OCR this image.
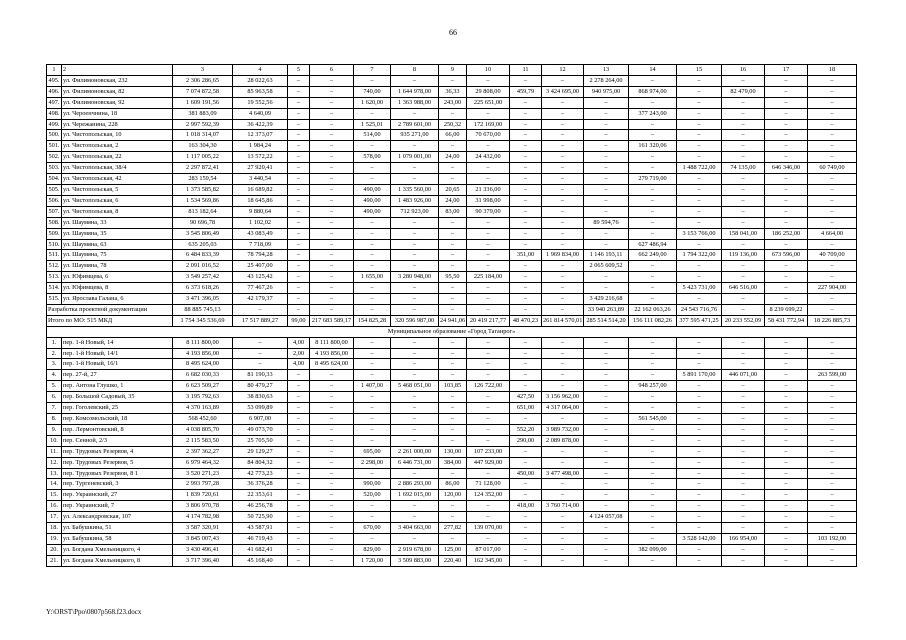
66
1	2	3	4	5	6	7	8	9	10	11	12	13	14	15	16	17	18
495.	ул. Филимоновская, 232	2 306 286,65	28 022,63	–	–	–	–	–	–	–	–	2 278 264,00	–	–	–	–	–
496.	ул. Филимоновская, 82	7 074 872,58	85 963,58	–	–	740,00	1 644 978,00	36,33	29 808,00	459,79	3 424 695,00	940 975,00	868 974,00	–	82 479,00	–	–
497.	ул. Филимоновская, 92	1 609 191,56	19 552,56	–	–	1 620,00	1 363 988,00	243,00	225 651,00	–	–	–	–	–	–	–	–
498.	ул. Чероенчнина, 18	381 883,09	4 640,09	–	–	–	–	–	–	–	–	–	377 243,00	–	–	–	–
499.	ул. Чережанина, 228	2 997 592,39	36 422,39	–	–	1 525,01	2 789 601,00	250,32	172 169,00	–	–	–	–	–	–	–	–
500.	ул. Чистопольская, 10	1 018 314,07	12 373,07	–	–	514,00	935 271,00	66,00	70 670,00	–	–	–	–	–	–	–	–
501.	ул. Чистопольская, 2	163 304,30	1 984,24	–	–	–	–	–	–	–	–	–	161 320,06	–	–	–	–
502.	ул. Чистопольская, 22	1 117 005,22	13 572,22	–	–	578,00	1 079 001,00	24,00	24 432,00	–	–	–	–	–	–	–	–
503.	ул. Чистопольская, 38/4	2 297 872,41	27 920,41	–	–	–	–	–	–	–	–	–	–	1 488 722,00	74 135,00	646 346,00	60 749,00
504.	ул. Чистопольская, 42	283 159,54	3 440,54	–	–	–	–	–	–	–	–	–	279 719,00	–	–	–	–
505.	ул. Чистопольская, 5	1 373 585,82	16 689,82	–	–	490,00	1 335 560,00	20,65	21 336,00	–	–	–	–	–	–	–	–
506.	ул. Чистопольская, 6	1 534 569,86	18 645,86	–	–	490,00	1 483 926,00	24,00	31 998,00	–	–	–	–	–	–	–	–
507.	ул. Чистопольская, 8	813 182,64	9 880,64	–	–	490,00	712 923,00	83,00	90 379,00	–	–	–	–	–	–	–	–
508.	ул. Шаумяна, 33	90 696,78	1 102,02	–	–	–	–	–	–	–	–	89 594,76	–	–	–	–	–
509.	ул. Шаумяна, 35	3 545 806,49	43 083,49	–	–	–	–	–	–	–	–	–	–	3 153 766,00	158 041,00	186 252,00	4 664,00
510.	ул. Шаумяна, 63	635 205,03	7 718,09	–	–	–	–	–	–	–	–	–	627 486,94	–	–	–	–
511.	ул. Шаумяна, 75	6 484 833,39	78 794,28	–	–	–	–	–	–	351,00	1 969 834,00	1 146 193,11	662 249,00	1 794 322,00	119 136,00	673 596,00	40 709,00
512.	ул. Шаумяна, 78	2 091 016,52	25 407,00	–	–	–	–	–	–	–	–	2 065 609,52	–	–	–	–	–
513.	ул. Юфимцева, 6	3 549 257,42	43 125,42	–	–	1 655,00	3 280 948,00	95,50	225 184,00	–	–	–	–	–	–	–	–
514.	ул. Юфимцева, 8	6 373 618,26	77 467,26	–	–	–	–	–	–	–	–	–	–	5 423 731,00	646 516,00	–	227 904,00
515.	ул. Ярослава Галана, 6	3 471 396,05	42 179,37	–	–	–	–	–	–	–	–	3 429 216,68	–	–	–	–	–
Разработка проектной документации		88 885 745,13	–	–	–	–	–	–	–	–	–	33 940 263,89	22 162 063,26	24 543 716,76	–	8 239 699,22	–
Итого по МО: 515 МКД		1 754 345 536,69	17 517 889,27	99,00	217 683 589,17	154 825,28	320 596 987,00	24 941,06	20 419 217,77	48 470,23	261 814 570,01	285 514 514,20	156 111 082,26	377 595 471,25	20 233 552,09	58 431 772,94	18 226 885,73
Муниципальное образование «Город Таганрог»																	
1.	пер. 1-й Новый, 14	8 111 800,00	–	4,00	8 111 800,00	–	–	–	–	–	–	–	–	–	–	–	–
2.	пер. 1-й Новый, 14/1	4 193 856,00	–	2,00	4 193 856,00	–	–	–	–	–	–	–	–	–	–	–	–
3.	пер. 1-й Новый, 16/1	8 495 624,00	–	4,00	8 495 624,00	–	–	–	–	–	–	–	–	–	–	–	–
4.	пер. 27-й, 27	6 682 030,33	81 190,33	–	–	–	–	–	–	–	–	–	–	5 891 170,00	446 071,00	–	263 599,00
5.	пер. Антона Глушко, 1	6 623 509,27	80 479,27	–	–	1 407,00	5 468 051,00	103,85	126 722,00	–	–	–	948 257,00	–	–	–	–
6.	пер. Большой Садовый, 35	3 195 792,63	38 830,63	–	–	–	–	–	–	427,50	3 156 962,00	–	–	–	–	–	–
7.	пер. Гоголевский, 25	4 370 163,89	53 099,89	–	–	–	–	–	–	651,00	4 317 064,00	–	–	–	–	–	–
8.	пер. Комсомольский, 18	568 452,60	6 907,00	–	–	–	–	–	–	–	–	–	561 545,00	–	–	–	–
9.	пер. Лермонтовский, 8	4 038 805,70	49 073,70	–	–	–	–	–	–	552,20	3 989 732,00	–	–	–	–	–	–
10.	пер. Сенной, 2/3	2 115 583,50	25 705,50	–	–	–	–	–	–	290,00	2 089 878,00	–	–	–	–	–	–
11.	пер. Трудовых Резервов, 4	2 397 362,27	29 129,27	–	–	695,00	2 261 000,00	130,00	107 233,00	–	–	–	–	–	–	–	–
12.	пер. Трудовых Резервов, 5	6 979 464,32	84 804,32	–	–	2 298,00	6 446 731,00	384,00	447 929,00	–	–	–	–	–	–	–	–
13.	пер. Трудовых Резервов, 8 1	3 520 271,23	42 773,23	–	–	–	–	–	–	450,00	3 477 498,00	–	–	–	–	–	–
14.	пер. Тургеневский, 3	2 993 797,28	36 376,28	–	–	990,00	2 886 293,00	86,00	71 128,00	–	–	–	–	–	–	–	–
15.	пер. Украинский, 27	1 839 720,61	22 353,61	–	–	520,00	1 692 015,00	120,00	124 352,00	–	–	–	–	–	–	–	–
16.	пер. Украинский, 7	3 806 970,78	46 256,78	–	–	–	–	–	–	418,00	3 760 714,00	–	–	–	–	–	–
17.	ул. Александровская, 107	4 174 782,98	50 725,90	–	–	–	–	–	–	–	–	4 124 057,08	–	–	–	–	–
18.	ул. Бабушкина, 51	3 587 320,91	43 587,91	–	–	670,00	3 404 663,00	277,82	139 070,00	–	–	–	–	–	–	–	–
19.	ул. Бабушкина, 58	3 845 007,43	46 719,43	–	–	–	–	–	–	–	–	–	–	3 528 142,00	166 954,00	–	103 192,00
20.	ул. Богдана Хмельницкого, 4	3 430 496,41	41 682,41	–	–	829,00	2 919 678,00	125,00	87 017,00	–	–	–	382 099,00	–	–	–	–
21.	ул. Богдана Хмельницкого, 8	3 717 396,40	45 168,40	–	–	1 720,00	3 509 883,00	220,40	162 345,00	–	–	–	–	–	–	–	–
Y:\ORST\Ppo\0807p568.f23.docx
